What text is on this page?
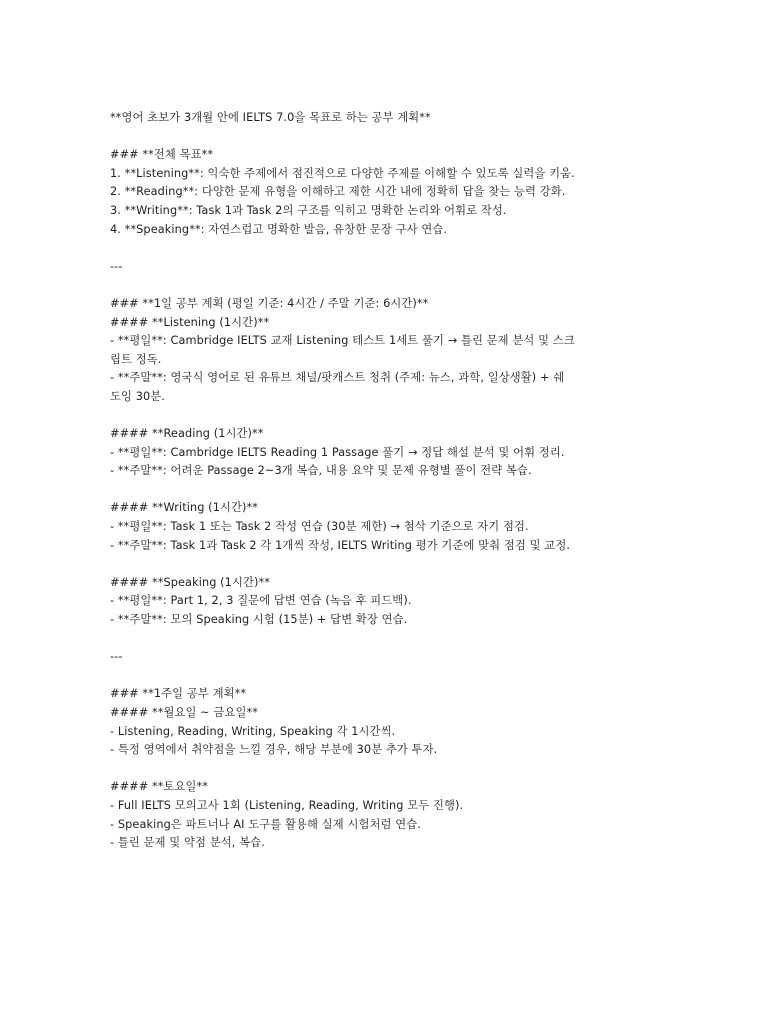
**영어 초보가 3개월 안에 IELTS 7.0을 목표로 하는 공부 계획**
### **전체 목표**
1. **Listening**: 익숙한 주제에서 점진적으로 다양한 주제를 이해할 수 있도록 실력을 키움.
2. **Reading**: 다양한 문제 유형을 이해하고 제한 시간 내에 정확히 답을 찾는 능력 강화.
3. **Writing**: Task 1과 Task 2의 구조를 익히고 명확한 논리와 어휘로 작성.
4. **Speaking**: 자연스럽고 명확한 발음, 유창한 문장 구사 연습.
---
### **1일 공부 계획 (평일 기준: 4시간 / 주말 기준: 6시간)**
#### **Listening (1시간)**
- **평일**: Cambridge IELTS 교재 Listening 테스트 1세트 풀기 → 틀린 문제 분석 및 스크
립트 정독.
- **주말**: 영국식 영어로 된 유튜브 채널/팟캐스트 청취 (주제: 뉴스, 과학, 일상생활) + 쉐
도잉 30분.
#### **Reading (1시간)**
- **평일**: Cambridge IELTS Reading 1 Passage 풀기 → 정답 해설 분석 및 어휘 정리.
- **주말**: 어려운 Passage 2~3개 복습, 내용 요약 및 문제 유형별 풀이 전략 복습.
#### **Writing (1시간)**
- **평일**: Task 1 또는 Task 2 작성 연습 (30분 제한) → 첨삭 기준으로 자기 점검.
- **주말**: Task 1과 Task 2 각 1개씩 작성, IELTS Writing 평가 기준에 맞춰 점검 및 교정.
#### **Speaking (1시간)**
- **평일**: Part 1, 2, 3 질문에 답변 연습 (녹음 후 피드백).
- **주말**: 모의 Speaking 시험 (15분) + 답변 확장 연습.
---
### **1주일 공부 계획**
#### **월요일 ~ 금요일**
- Listening, Reading, Writing, Speaking 각 1시간씩.
- 특정 영역에서 취약점을 느낄 경우, 해당 부분에 30분 추가 투자.
#### **토요일**
- Full IELTS 모의고사 1회 (Listening, Reading, Writing 모두 진행).
- Speaking은 파트너나 AI 도구를 활용해 실제 시험처럼 연습.
- 틀린 문제 및 약점 분석, 복습.
